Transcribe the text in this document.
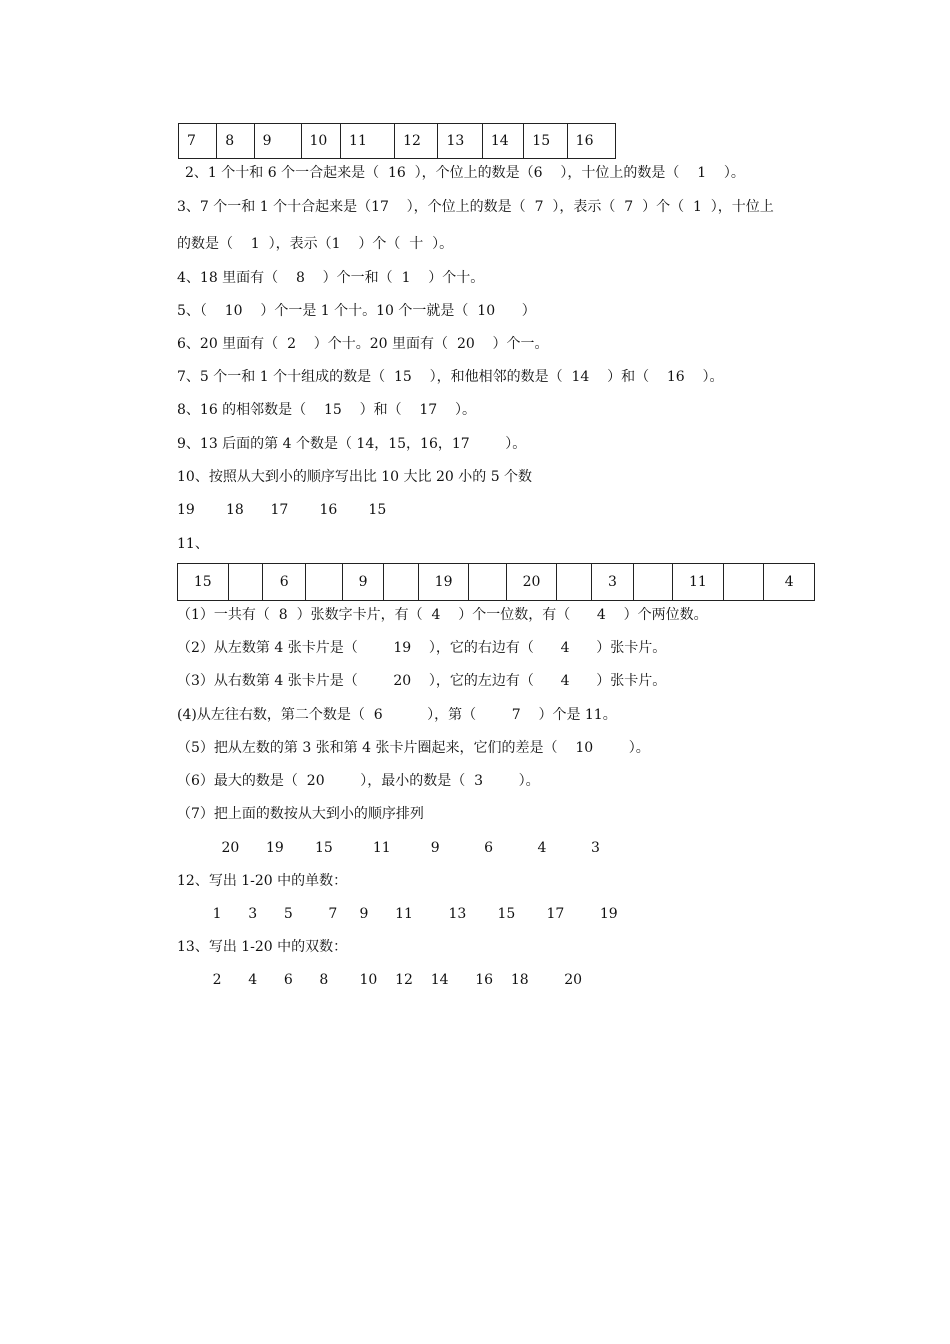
7	8	9	10	11	12	13	14	15	16
2、1 个十和 6 个一合起来是（  16  ），个位上的数是（6    ），十位上的数是（    1    ）。
3、7 个一和 1 个十合起来是（17    ），个位上的数是（  7  ），表示（  7  ）个（  1  ），十位上
的数是（    1  ），表示（1    ）个（  十  ）。
4、18 里面有（    8    ）个一和（  1    ）个十。
5、（    10    ）个一是 1 个十。10 个一就是（  10      ）
6、20 里面有（  2    ）个十。20 里面有（  20    ）个一。
7、5 个一和 1 个十组成的数是（  15    ），和他相邻的数是（  14    ）和（    16    ）。
8、16 的相邻数是（    15    ）和（    17    ）。
9、13 后面的第 4 个数是（ 14，15，16，17        ）。
10、按照从大到小的顺序写出比 10 大比 20 小的 5 个数
19       18      17       16       15
11、
15		6		9		19		20		3		11		4
（1）一共有（  8  ）张数字卡片，有（  4    ）个一位数，有（      4    ）个两位数。
（2）从左数第 4 张卡片是（        19    ），它的右边有（      4      ）张卡片。
（3）从右数第 4 张卡片是（        20    ），它的左边有（      4      ）张卡片。
(4)从左往右数，第二个数是（  6          ），第（        7    ）个是 11。
（5）把从左数的第 3 张和第 4 张卡片圈起来，它们的差是（    10        ）。
（6）最大的数是（  20        ），最小的数是（  3        ）。
（7）把上面的数按从大到小的顺序排列
20      19       15         11         9          6          4          3
12、写出 1-20 中的单数：
1      3      5        7     9      11        13       15       17        19
13、写出 1-20 中的双数：
2      4      6      8       10    12    14      16    18        20
